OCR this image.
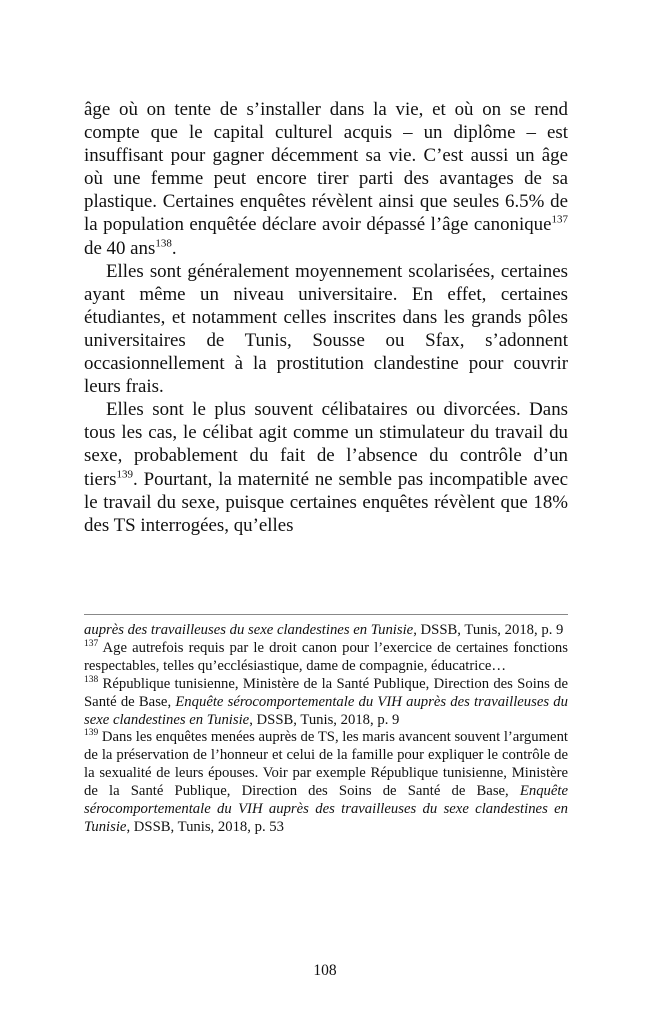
âge où on tente de s’installer dans la vie, et où on se rend compte que le capital culturel acquis – un diplôme – est insuffisant pour gagner décemment sa vie. C’est aussi un âge où une femme peut encore tirer parti des avantages de sa plastique. Certaines enquêtes révèlent ainsi que seules 6.5% de la population enquêtée déclare avoir dépassé l’âge canonique$^{137}$ de 40 ans$^{138}$.

Elles sont généralement moyennement scolarisées, certaines ayant même un niveau universitaire. En effet, certaines étudiantes, et notamment celles inscrites dans les grands pôles universitaires de Tunis, Sousse ou Sfax, s’adonnent occasionnellement à la prostitution clandestine pour couvrir leurs frais.

Elles sont le plus souvent célibataires ou divorcées. Dans tous les cas, le célibat agit comme un stimulateur du travail du sexe, probablement du fait de l’absence du contrôle d’un tiers$^{139}$. Pourtant, la maternité ne semble pas incompatible avec le travail du sexe, puisque certaines enquêtes révèlent que 18% des TS interrogées, qu’elles

auprès des travailleuses du sexe clandestines en Tunisie, DSSB, Tunis, 2018, p. 9

$^{137}$ Age autrefois requis par le droit canon pour l’exercice de certaines fonctions respectables, telles qu’ecclésiastique, dame de compagnie, éducatrice…

$^{138}$ République tunisienne, Ministère de la Santé Publique, Direction des Soins de Santé de Base, Enquête sérocomportementale du VIH auprès des travailleuses du sexe clandestines en Tunisie, DSSB, Tunis, 2018, p. 9

$^{139}$ Dans les enquêtes menées auprès de TS, les maris avancent souvent l’argument de la préservation de l’honneur et celui de la famille pour expliquer le contrôle de la sexualité de leurs épouses. Voir par exemple République tunisienne, Ministère de la Santé Publique, Direction des Soins de Santé de Base, Enquête sérocomportementale du VIH auprès des travailleuses du sexe clandestines en Tunisie, DSSB, Tunis, 2018, p. 53

108
